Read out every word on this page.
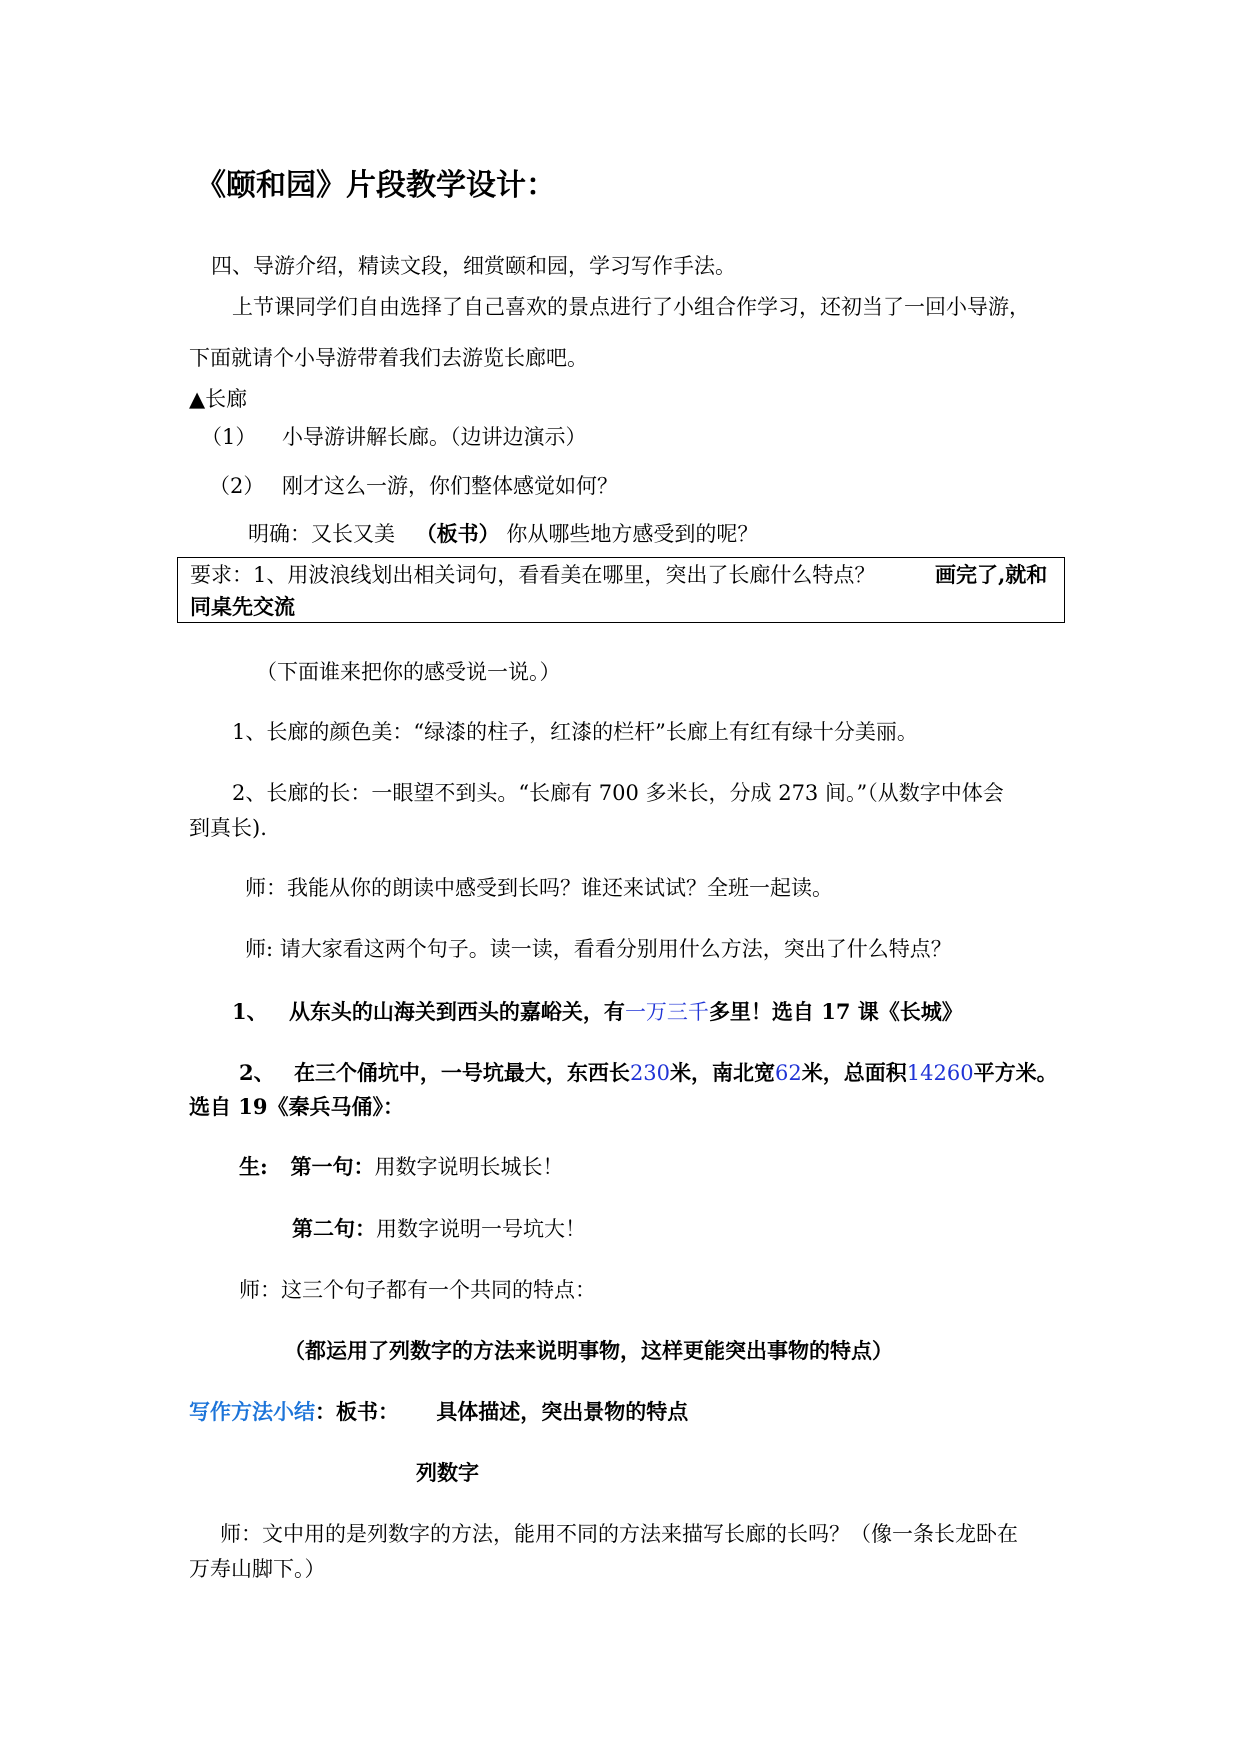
《颐和园》片段教学设计：
四、导游介绍，精读文段，细赏颐和园，学习写作手法。
上节课同学们自由选择了自己喜欢的景点进行了小组合作学习，还初当了一回小导游，
下面就请个小导游带着我们去游览长廊吧。
▲长廊
（1） 小导游讲解长廊。（边讲边演示）
（2） 刚才这么一游，你们整体感觉如何？
明确：又长又美 （板书） 你从哪些地方感受到的呢？
要求：1、用波浪线划出相关词句，看看美在哪里，突出了长廊什么特点？	画完了,就和
同桌先交流
（下面谁来把你的感受说一说。）
1、长廊的颜色美：“绿漆的柱子，红漆的栏杆”长廊上有红有绿十分美丽。
2、长廊的长：一眼望不到头。“长廊有 700 多米长，分成 273 间。”（从数字中体会
到真长).
师：我能从你的朗读中感受到长吗？谁还来试试？全班一起读。
师: 请大家看这两个句子。读一读，看看分别用什么方法，突出了什么特点？
1、 从东头的山海关到西头的嘉峪关，有一万三千多里！选自 17 课《长城》
2、 在三个俑坑中，一号坑最大，东西长230米，南北宽62米，总面积14260平方米。
选自 19《秦兵马俑》：
生: 第一句：用数字说明长城长！
第二句：用数字说明一号坑大！
师：这三个句子都有一个共同的特点：
（都运用了列数字的方法来说明事物，这样更能突出事物的特点）
写作方法小结：板书： 具体描述，突出景物的特点
列数字
师：文中用的是列数字的方法，能用不同的方法来描写长廊的长吗？（像一条长龙卧在
万寿山脚下。）
